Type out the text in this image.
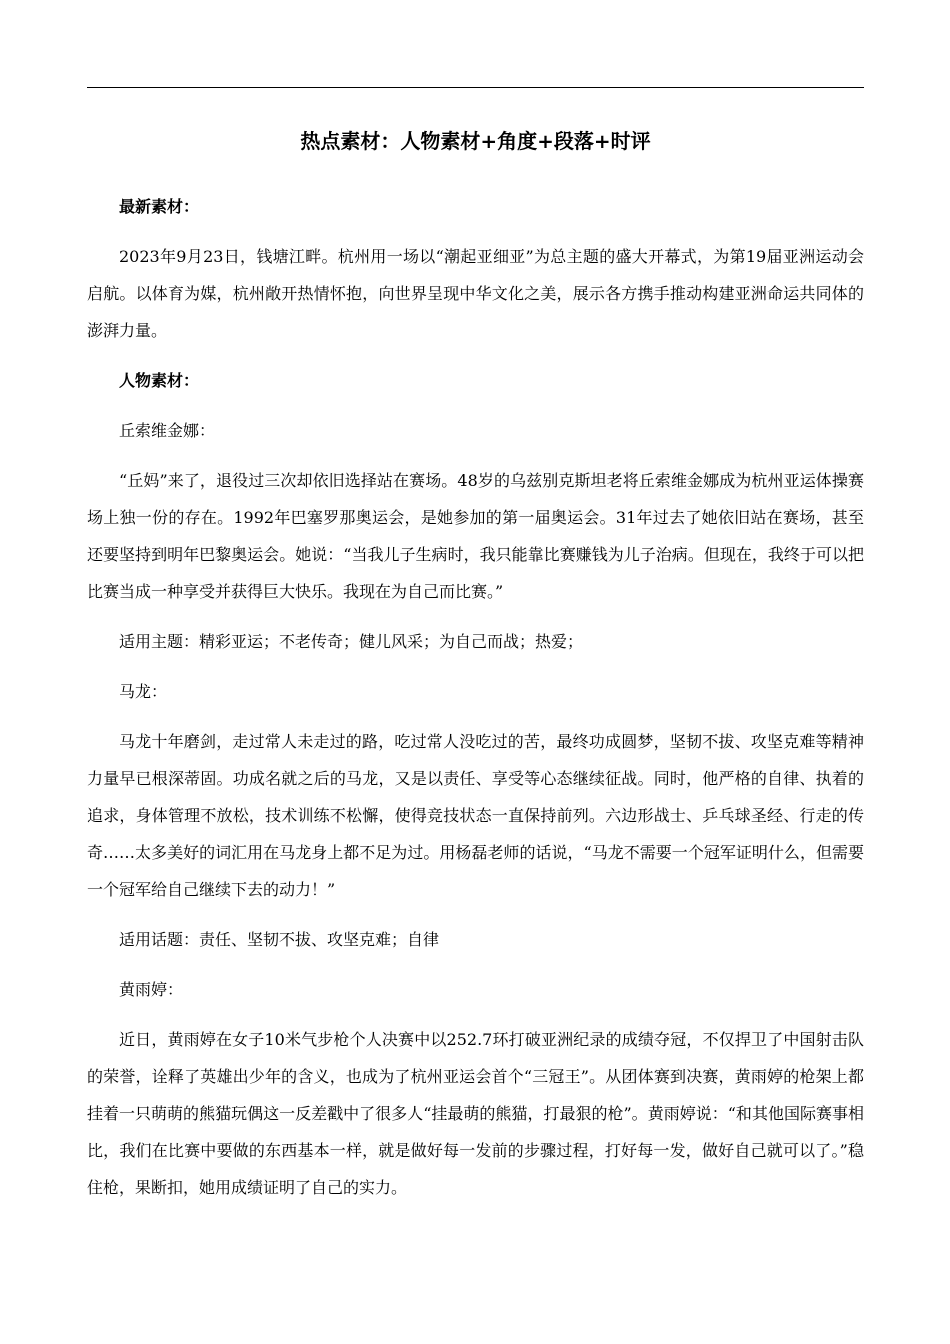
热点素材：人物素材+角度+段落+时评

最新素材：

2023年9月23日，钱塘江畔。杭州用一场以“潮起亚细亚”为总主题的盛大开幕式，为第19届亚洲运动会启航。以体育为媒，杭州敞开热情怀抱，向世界呈现中华文化之美，展示各方携手推动构建亚洲命运共同体的澎湃力量。

人物素材：

丘索维金娜：

“丘妈”来了，退役过三次却依旧选择站在赛场。48岁的乌兹别克斯坦老将丘索维金娜成为杭州亚运体操赛场上独一份的存在。1992年巴塞罗那奥运会，是她参加的第一届奥运会。31年过去了她依旧站在赛场，甚至还要坚持到明年巴黎奥运会。她说：“当我儿子生病时，我只能靠比赛赚钱为儿子治病。但现在，我终于可以把比赛当成一种享受并获得巨大快乐。我现在为自己而比赛。”

适用主题：精彩亚运；不老传奇；健儿风采；为自己而战；热爱；

马龙：

马龙十年磨剑，走过常人未走过的路，吃过常人没吃过的苦，最终功成圆梦，坚韧不拔、攻坚克难等精神力量早已根深蒂固。功成名就之后的马龙，又是以责任、享受等心态继续征战。同时，他严格的自律、执着的追求，身体管理不放松，技术训练不松懈，使得竞技状态一直保持前列。六边形战士、乒乓球圣经、行走的传奇……太多美好的词汇用在马龙身上都不足为过。用杨磊老师的话说，“马龙不需要一个冠军证明什么，但需要一个冠军给自己继续下去的动力！”

适用话题：责任、坚韧不拔、攻坚克难；自律

黄雨婷：

近日，黄雨婷在女子10米气步枪个人决赛中以252.7环打破亚洲纪录的成绩夺冠，不仅捍卫了中国射击队的荣誉，诠释了英雄出少年的含义，也成为了杭州亚运会首个“三冠王”。从团体赛到决赛，黄雨婷的枪架上都挂着一只萌萌的熊猫玩偶这一反差戳中了很多人“挂最萌的熊猫，打最狠的枪”。黄雨婷说：“和其他国际赛事相比，我们在比赛中要做的东西基本一样，就是做好每一发前的步骤过程，打好每一发，做好自己就可以了。”稳住枪，果断扣，她用成绩证明了自己的实力。
